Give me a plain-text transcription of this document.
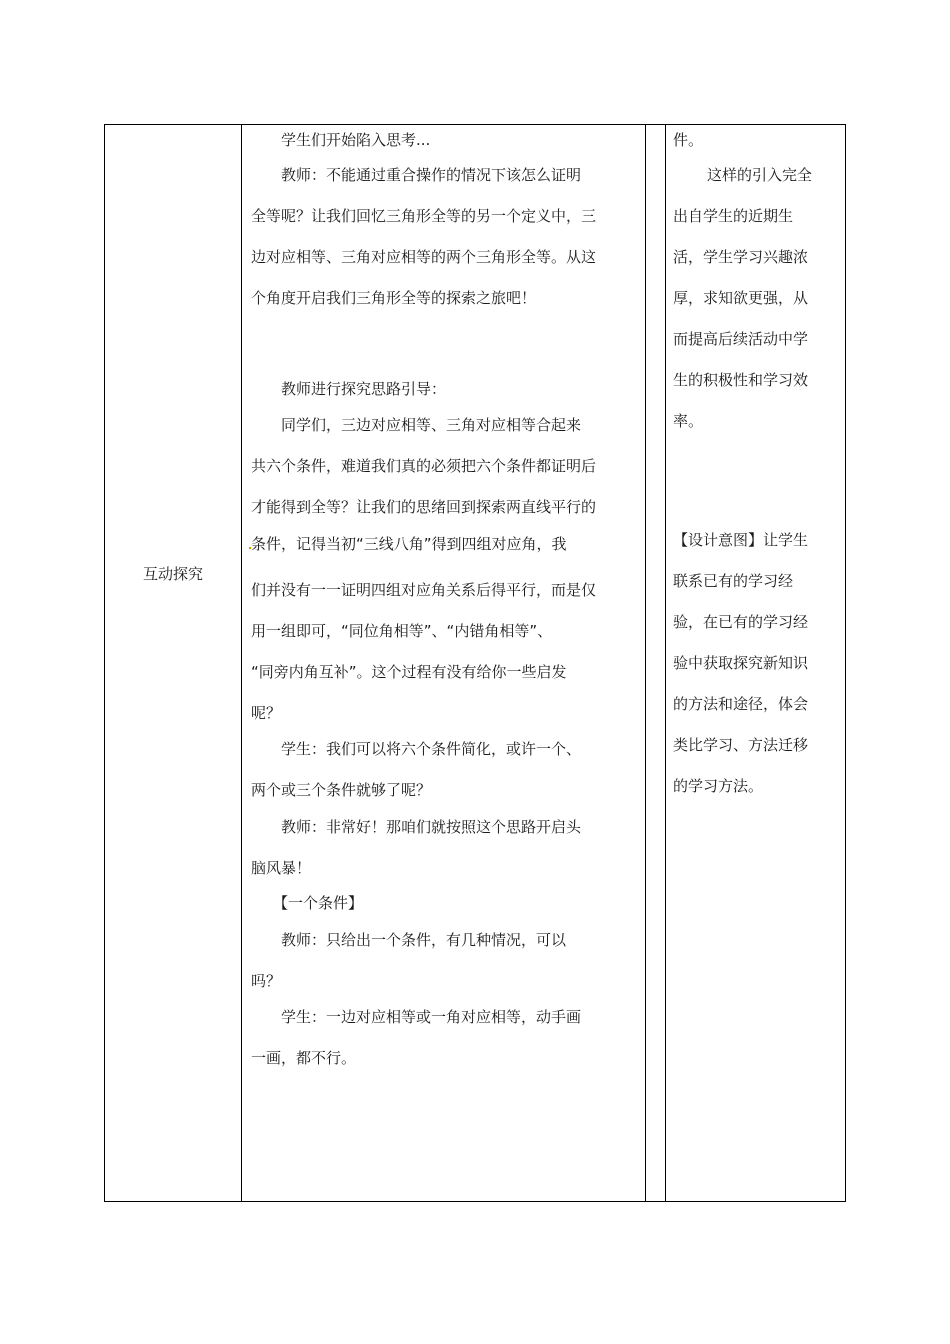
互动探究
学生们开始陷入思考...
教师：不能通过重合操作的情况下该怎么证明
全等呢？让我们回忆三角形全等的另一个定义中，三
边对应相等、三角对应相等的两个三角形全等。从这
个角度开启我们三角形全等的探索之旅吧！
教师进行探究思路引导：
同学们，三边对应相等、三角对应相等合起来
共六个条件，难道我们真的必须把六个条件都证明后
才能得到全等？让我们的思绪回到探索两直线平行的
条件，记得当初“三线八角”得到四组对应角，我
们并没有一一证明四组对应角关系后得平行，而是仅
用一组即可，“同位角相等”、“内错角相等”、
“同旁内角互补”。这个过程有没有给你一些启发
呢？
学生：我们可以将六个条件简化，或许一个、
两个或三个条件就够了呢？
教师：非常好！那咱们就按照这个思路开启头
脑风暴！
【一个条件】
教师：只给出一个条件，有几种情况，可以
吗？
学生：一边对应相等或一角对应相等，动手画
一画，都不行。
件。
这样的引入完全
出自学生的近期生
活，学生学习兴趣浓
厚，求知欲更强，从
而提高后续活动中学
生的积极性和学习效
率。
【设计意图】让学生
联系已有的学习经
验，在已有的学习经
验中获取探究新知识
的方法和途径，体会
类比学习、方法迁移
的学习方法。
